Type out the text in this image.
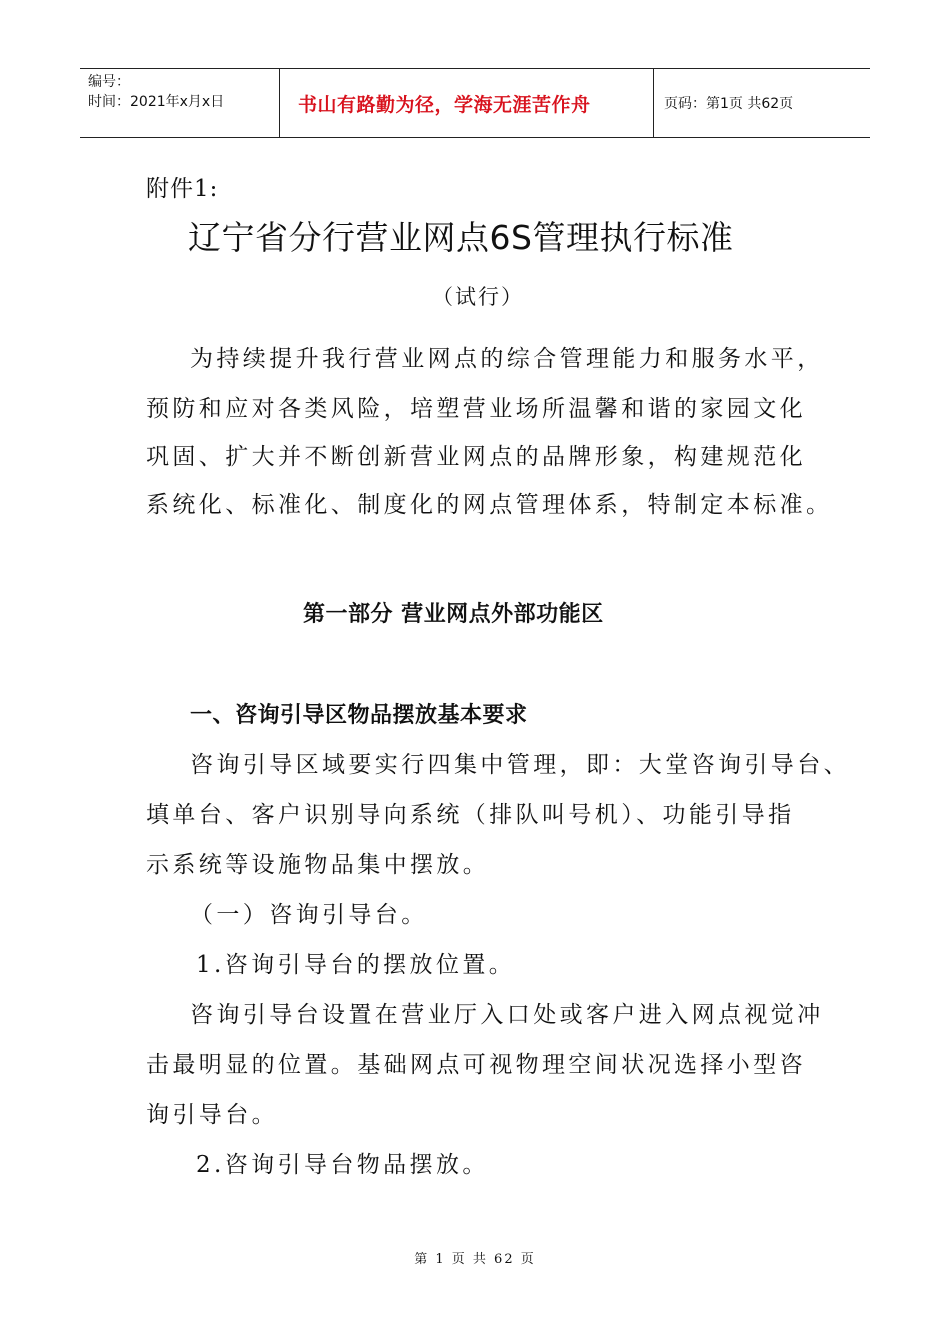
编号：
时间：2021年x月x日	书山有路勤为径，学海无涯苦作舟	页码：第1页 共62页
附件1:
辽宁省分行营业网点6S管理执行标准
（试行）
为持续提升我行营业网点的综合管理能力和服务水平，
预防和应对各类风险，培塑营业场所温馨和谐的家园文化
巩固、扩大并不断创新营业网点的品牌形象，构建规范化
系统化、标准化、制度化的网点管理体系，特制定本标准。
第一部分 营业网点外部功能区
一、咨询引导区物品摆放基本要求
咨询引导区域要实行四集中管理，即：大堂咨询引导台、
填单台、客户识别导向系统（排队叫号机）、功能引导指
示系统等设施物品集中摆放。
（一）咨询引导台。
1.咨询引导台的摆放位置。
咨询引导台设置在营业厅入口处或客户进入网点视觉冲
击最明显的位置。基础网点可视物理空间状况选择小型咨
询引导台。
2.咨询引导台物品摆放。
第 1 页 共 62 页
